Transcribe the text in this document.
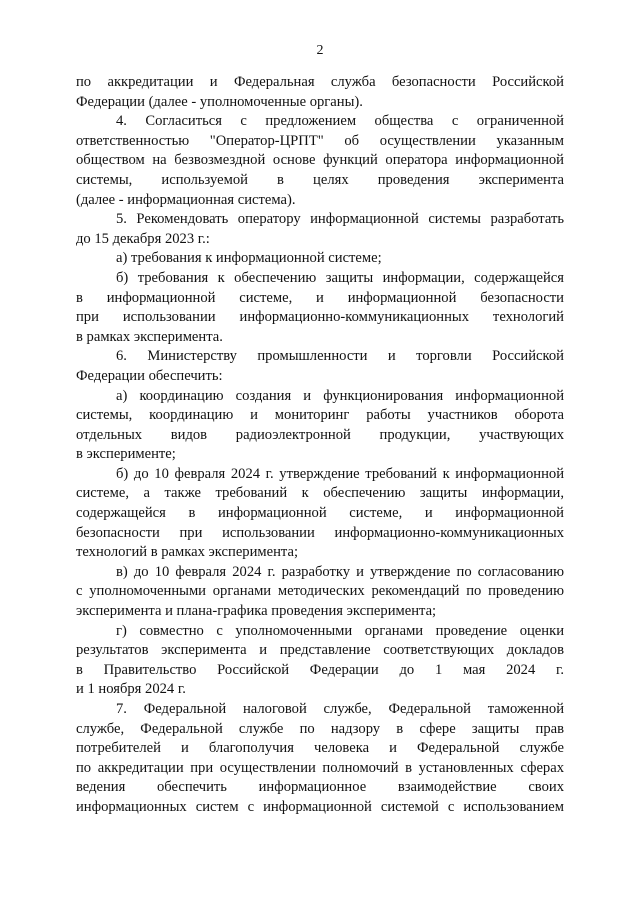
2
по аккредитации и Федеральная служба безопасности Российской
Федерации (далее - уполномоченные органы).
4. Согласиться с предложением общества с ограниченной
ответственностью "Оператор-ЦРПТ" об осуществлении указанным
обществом на безвозмездной основе функций оператора информационной
системы, используемой в целях проведения эксперимента
(далее - информационная система).
5. Рекомендовать оператору информационной системы разработать
до 15 декабря 2023 г.:
а) требования к информационной системе;
б) требования к обеспечению защиты информации, содержащейся
в информационной системе, и информационной безопасности
при использовании информационно-коммуникационных технологий
в рамках эксперимента.
6. Министерству промышленности и торговли Российской
Федерации обеспечить:
а) координацию создания и функционирования информационной
системы, координацию и мониторинг работы участников оборота
отдельных видов радиоэлектронной продукции, участвующих
в эксперименте;
б) до 10 февраля 2024 г. утверждение требований к информационной
системе, а также требований к обеспечению защиты информации,
содержащейся в информационной системе, и информационной
безопасности при использовании информационно-коммуникационных
технологий в рамках эксперимента;
в) до 10 февраля 2024 г. разработку и утверждение по согласованию
с уполномоченными органами методических рекомендаций по проведению
эксперимента и плана-графика проведения эксперимента;
г) совместно с уполномоченными органами проведение оценки
результатов эксперимента и представление соответствующих докладов
в Правительство Российской Федерации до 1 мая 2024 г.
и 1 ноября 2024 г.
7. Федеральной налоговой службе, Федеральной таможенной
службе, Федеральной службе по надзору в сфере защиты прав
потребителей и благополучия человека и Федеральной службе
по аккредитации при осуществлении полномочий в установленных сферах
ведения обеспечить информационное взаимодействие своих
информационных систем с информационной системой с использованием
